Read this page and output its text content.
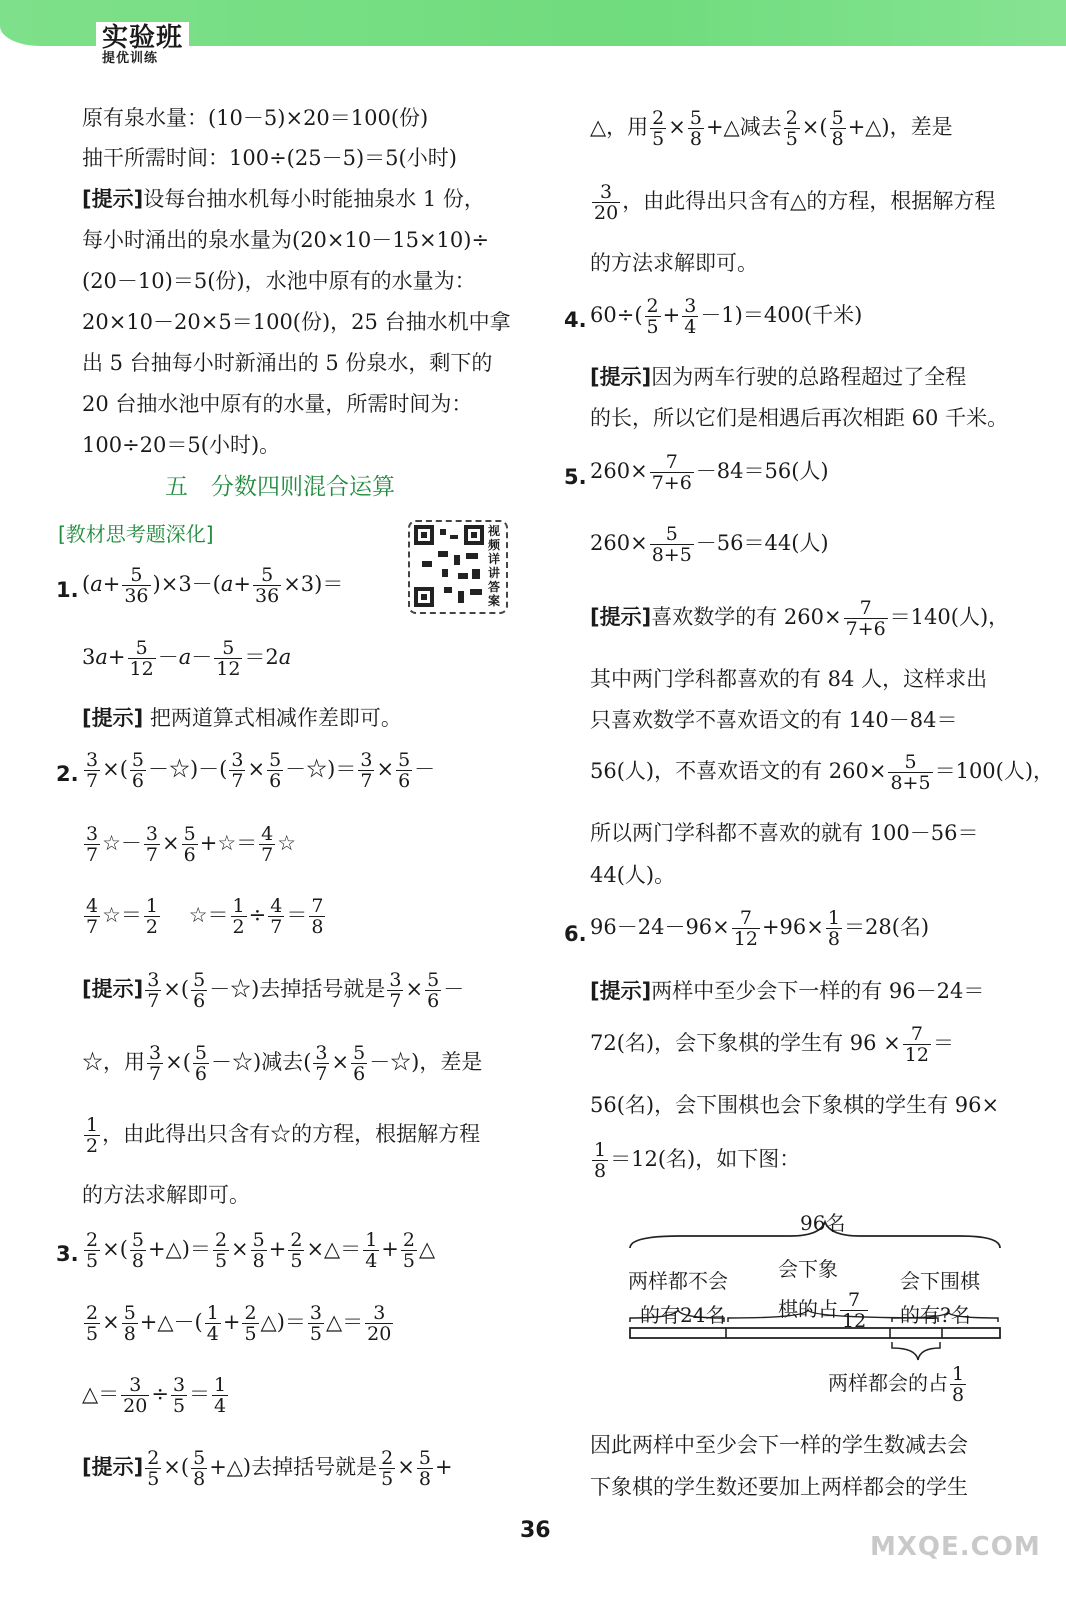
实验班
提优训练
原有泉水量：(10－5)×20＝100(份)
抽干所需时间：100÷(25－5)＝5(小时)
[提示]设每台抽水机每小时能抽泉水 1 份，
每小时涌出的泉水量为(20×10－15×10)÷
(20－10)＝5(份)，水池中原有的水量为：
20×10－20×5＝100(份)，25 台抽水机中拿
出 5 台抽每小时新涌出的 5 份泉水，剩下的
20 台抽水池中原有的水量，所需时间为：
100÷20＝5(小时)。
五　分数四则混合运算
[教材思考题深化]	视频详讲答案
1. $(a+ \frac{5}{36} )\times 3-(a+ \frac{5}{36} \times 3)=$
$3a+ \frac{5}{12} -a- \frac{5}{12} =2a$
[提示] 把两道算式相减作差即可。
2. $\frac{3}{7}$ ×( $\frac{5}{6}$ －☆)－( $\frac{3}{7} \times \frac{5}{6}$ －☆)＝ $\frac{3}{7} \times \frac{5}{6}$ －
$\frac{3}{7}$ ☆－ $\frac{3}{7} \times \frac{5}{6}$ +☆＝ $\frac{4}{7}$ ☆
$\frac{4}{7}$ ☆＝ $\frac{1}{2}$ ☆＝ $\frac{1}{2} \div \frac{4}{7} = \frac{7}{8}$
[提示] $\frac{3}{7}$ ×( $\frac{5}{6}$ －☆)去掉括号就是 $\frac{3}{7} \times \frac{5}{6}$ －
☆，用 $\frac{3}{7}$ ×( $\frac{5}{6}$ －☆)减去( $\frac{3}{7} \times \frac{5}{6}$ －☆)，差是
$\frac{1}{2}$ ，由此得出只含有☆的方程，根据解方程
的方法求解即可。
3. $\frac{2}{5}$ ×( $\frac{5}{8}$ +△)＝ $\frac{2}{5} \times \frac{5}{8} + \frac{2}{5}$ ×△＝ $\frac{1}{4} + \frac{2}{5}$ △
$\frac{2}{5} \times \frac{5}{8}$ +△－( $\frac{1}{4} + \frac{2}{5}$ △)＝ $\frac{3}{5}$ △＝ $\frac{3}{20}$
△＝ $\frac{3}{20} \div \frac{3}{5} = \frac{1}{4}$
[提示] $\frac{2}{5}$ ×( $\frac{5}{8}$ +△)去掉括号就是 $\frac{2}{5} \times \frac{5}{8}$ +
△，用 $\frac{2}{5} \times \frac{5}{8}$ +△减去 $\frac{2}{5}$ ×( $\frac{5}{8}$ +△)，差是
$\frac{3}{20}$ ，由此得出只含有△的方程，根据解方程
的方法求解即可。
4. $60\div( \frac{2}{5} + \frac{3}{4} -1)=400$(千米)
[提示]因为两车行驶的总路程超过了全程
的长，所以它们是相遇后再次相距 60 千米。
5. $260\times \frac{7}{7+6} -84=56$(人)
$260\times \frac{5}{8+5} -56=44$(人)
[提示]喜欢数学的有 $260\times \frac{7}{7+6} =140$(人)，
其中两门学科都喜欢的有 84 人，这样求出
只喜欢数学不喜欢语文的有 140－84＝
56(人)，不喜欢语文的有 $260\times \frac{5}{8+5} =100$(人)，
所以两门学科都不喜欢的就有 100－56＝
44(人)。
6. $96-24-96\times \frac{7}{12} +96\times \frac{1}{8} =28$(名)
[提示]两样中至少会下一样的有 96－24＝
72(名)，会下象棋的学生有 $96 \times \frac{7}{12}$ ＝
56(名)，会下围棋也会下象棋的学生有 96×
$\frac{1}{8} =12$(名)，如下图：
96名
两样都不会
的有24名
会下象
棋的占 $\frac{7}{12}$
会下围棋
的有?名
两样都会的占 $\frac{1}{8}$
因此两样中至少会下一样的学生数减去会
下象棋的学生数还要加上两样都会的学生
36
MXQE.COM
